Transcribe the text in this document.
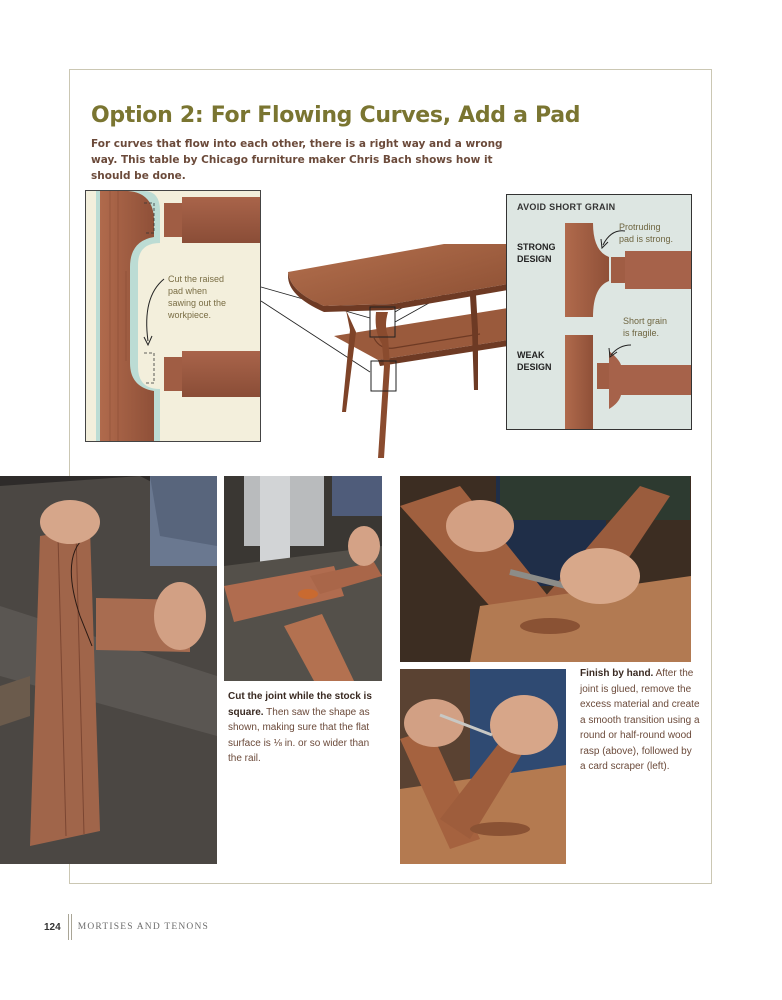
Option 2: For Flowing Curves, Add a Pad
For curves that flow into each other, there is a right way and a wrong way. This table by Chicago furniture maker Chris Bach shows how it should be done.
Cut the raised
pad when
sawing out the
workpiece.
AVOID SHORT GRAIN
STRONG
DESIGN
WEAK
DESIGN
Protruding
pad is strong.
Short grain
is fragile.
Cut the joint while the stock is square. Then saw the shape as shown, making sure that the flat surface is ⅛ in. or so wider than the rail.
Finish by hand. After the joint is glued, remove the excess material and create a smooth transition using a round or half-round wood rasp (above), followed by a card scraper (left).
124 MORTISES AND TENONS
